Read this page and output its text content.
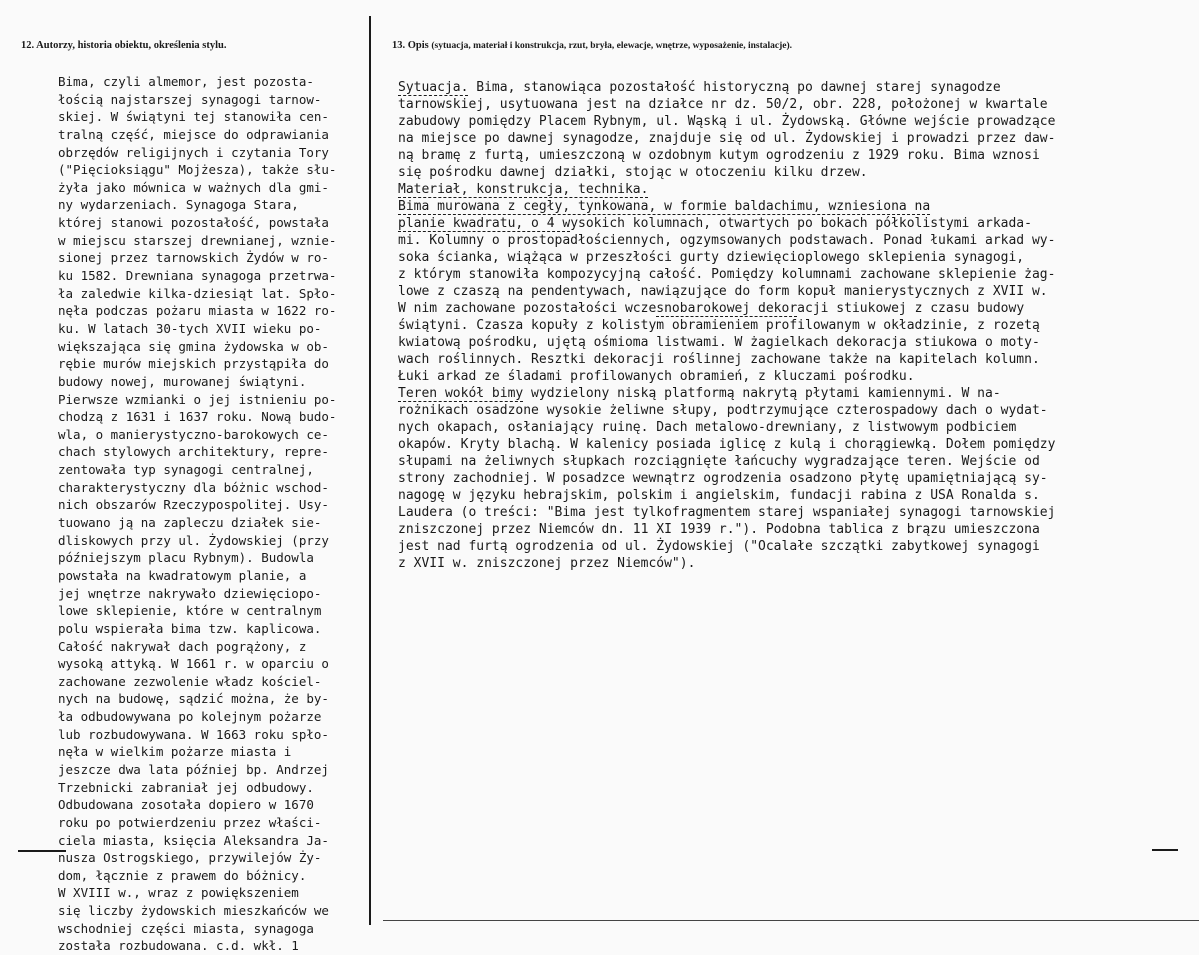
12. Autorzy, historia obiektu, określenia stylu.	13. Opis (sytuacja, materiał i konstrukcja, rzut, bryła, elewacje, wnętrze, wyposażenie, instalacje).
Bima, czyli almemor, jest pozosta-
łością najstarszej synagogi tarnow-
skiej. W świątyni tej stanowiła cen-
tralną część, miejsce do odprawiania
obrzędów religijnych i czytania Tory
("Pięcioksiągu" Mojżesza), także słu-
żyła jako mównica w ważnych dla gmi-
ny wydarzeniach. Synagoga Stara,
której stanowi pozostałość, powstała
w miejscu starszej drewnianej, wznie-
sionej przez tarnowskich Żydów w ro-
ku 1582. Drewniana synagoga przetrwa-
ła zaledwie kilka-dziesiąt lat. Spło-
nęła podczas pożaru miasta w 1622 ro-
ku. W latach 30-tych XVII wieku po-
większająca się gmina żydowska w ob-
rębie murów miejskich przystąpiła do
budowy nowej, murowanej świątyni.
Pierwsze wzmianki o jej istnieniu po-
chodzą z 1631 i 1637 roku. Nową budo-
wla, o manierystyczno-barokowych ce-
chach stylowych architektury, repre-
zentowała typ synagogi centralnej,
charakterystyczny dla bóżnic wschod-
nich obszarów Rzeczypospolitej. Usy-
tuowano ją na zapleczu działek sie-
dliskowych przy ul. Żydowskiej (przy
późniejszym placu Rybnym). Budowla
powstała na kwadratowym planie, a
jej wnętrze nakrywało dziewięciopo-
lowe sklepienie, które w centralnym
polu wspierała bima tzw. kaplicowa.
Całość nakrywał dach pogrążony, z
wysoką attyką. W 1661 r. w oparciu o
zachowane zezwolenie władz kościel-
nych na budowę, sądzić można, że by-
ła odbudowywana po kolejnym pożarze
lub rozbudowywana. W 1663 roku spło-
nęła w wielkim pożarze miasta i
jeszcze dwa lata później bp. Andrzej
Trzebnicki zabraniał jej odbudowy.
Odbudowana zosotała dopiero w 1670
roku po potwierdzeniu przez właści-
ciela miasta, księcia Aleksandra Ja-
nusza Ostrogskiego, przywilejów Ży-
dom, łącznie z prawem do bóżnicy.
W XVIII w., wraz z powiększeniem
się liczby żydowskich mieszkańców we
wschodniej części miasta, synagoga
została rozbudowana. c.d. wkł. 1
Sytuacja. Bima, stanowiąca pozostałość historyczną po dawnej starej synagodze
tarnowskiej, usytuowana jest na działce nr dz. 50/2, obr. 228, położonej w kwartale
zabudowy pomiędzy Placem Rybnym, ul. Wąską i ul. Żydowską. Główne wejście prowadzące
na miejsce po dawnej synagodze, znajduje się od ul. Żydowskiej i prowadzi przez daw-
ną bramę z furtą, umieszczoną w ozdobnym kutym ogrodzeniu z 1929 roku. Bima wznosi
się pośrodku dawnej działki, stojąc w otoczeniu kilku drzew.
Materiał, konstrukcja, technika.
Bima murowana z cegły, tynkowana, w formie baldachimu, wzniesiona na
planie kwadratu, o 4 wysokich kolumnach, otwartych po bokach półkolistymi arkada-
mi. Kolumny o prostopadłościennych, ogzymsowanych podstawach. Ponad łukami arkad wy-
soka ścianka, wiążąca w przeszłości gurty dziewięcioplowego sklepienia synagogi,
z którym stanowiła kompozycyjną całość. Pomiędzy kolumnami zachowane sklepienie żag-
lowe z czaszą na pendentywach, nawiązujące do form kopuł manierystycznych z XVII w.
W nim zachowane pozostałości wczesnobarokowej dekoracji stiukowej z czasu budowy
świątyni. Czasza kopuły z kolistym obramieniem profilowanym w okładzinie, z rozetą
kwiatową pośrodku, ujętą ośmioma listwami. W żagielkach dekoracja stiukowa o moty-
wach roślinnych. Resztki dekoracji roślinnej zachowane także na kapitelach kolumn.
Łuki arkad ze śladami profilowanych obramień, z kluczami pośrodku.
Teren wokół bimy wydzielony niską platformą nakrytą płytami kamiennymi. W na-
rożnikach osadzone wysokie żeliwne słupy, podtrzymujące czterospadowy dach o wydat-
nych okapach, osłaniający ruinę. Dach metalowo-drewniany, z listwowym podbiciem
okapów. Kryty blachą. W kalenicy posiada iglicę z kulą i chorągiewką. Dołem pomiędzy
słupami na żeliwnych słupkach rozciągnięte łańcuchy wygradzające teren. Wejście od
strony zachodniej. W posadzce wewnątrz ogrodzenia osadzono płytę upamiętniającą sy-
nagogę w języku hebrajskim, polskim i angielskim, fundacji rabina z USA Ronalda s.
Laudera (o treści: "Bima jest tylkofragmentem starej wspaniałej synagogi tarnowskiej
zniszczonej przez Niemców dn. 11 XI 1939 r."). Podobna tablica z brązu umieszczona
jest nad furtą ogrodzenia od ul. Żydowskiej ("Ocalałe szczątki zabytkowej synagogi
z XVII w. zniszczonej przez Niemców").
